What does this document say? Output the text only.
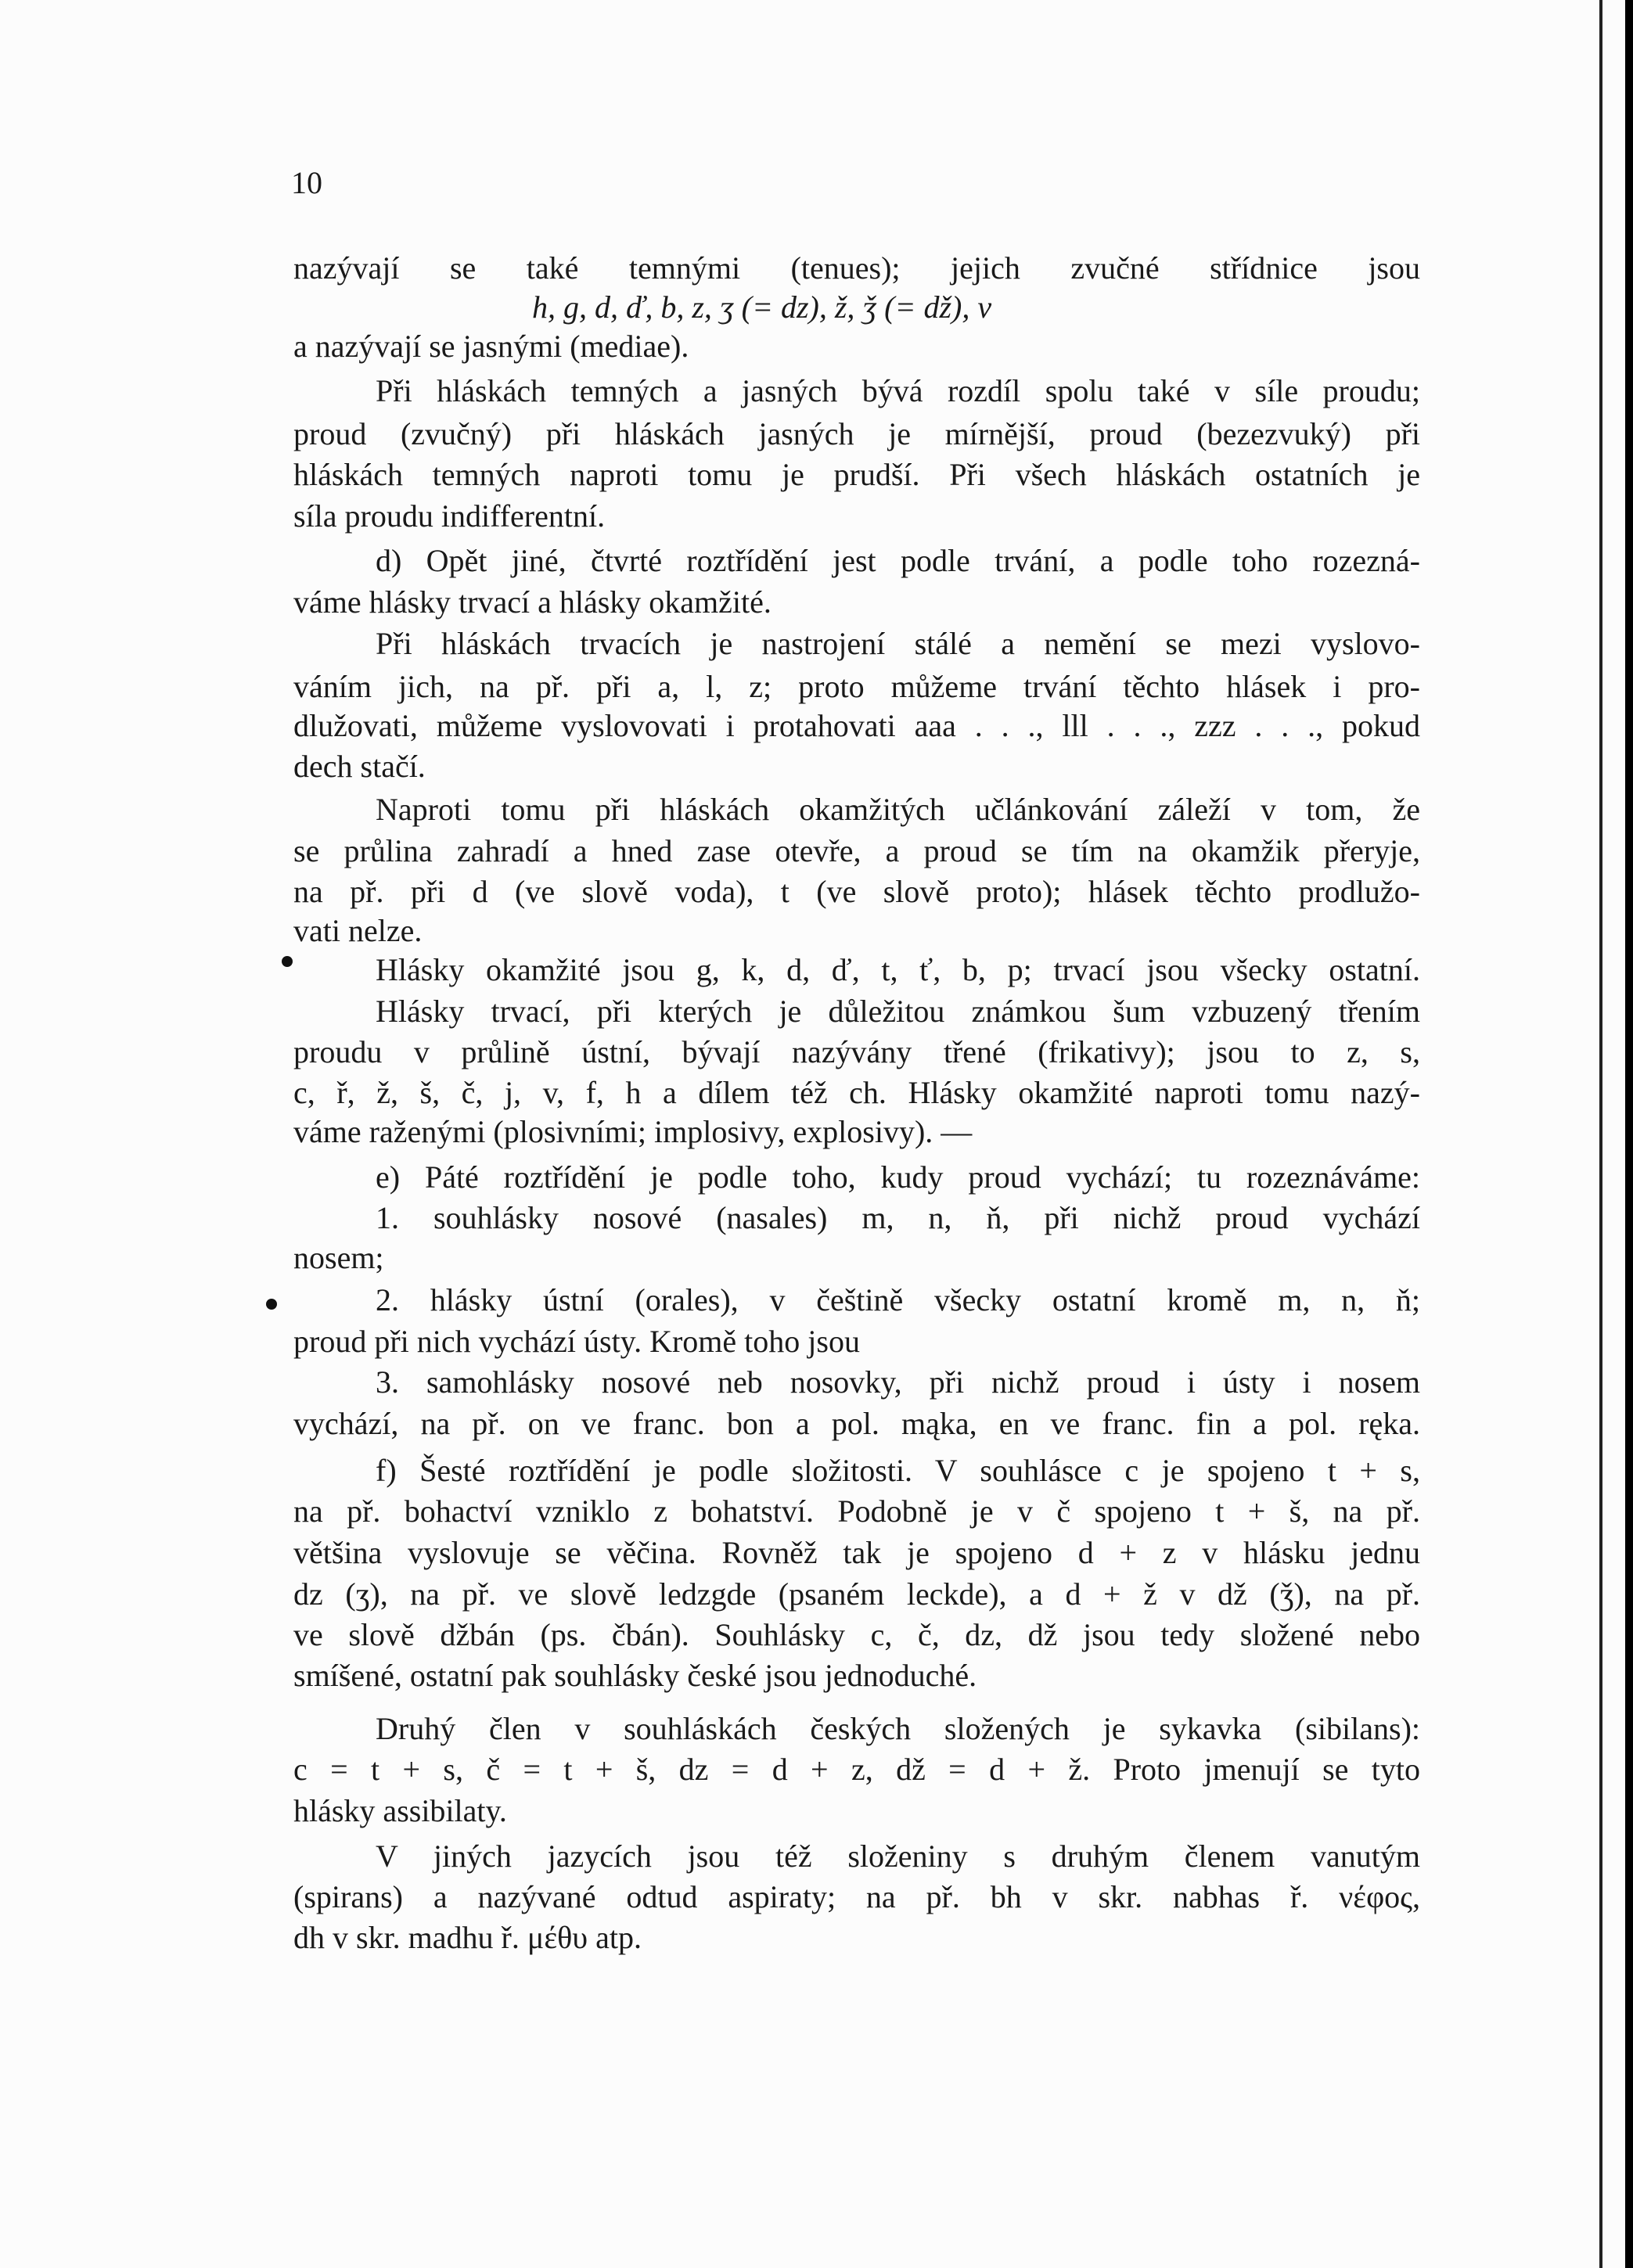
10
nazývají se také temnými (tenues); jejich zvučné střídnice jsou
h, g, d, ď, b, z, ʒ (= dz), ž, ǯ (= dž), v
a nazývají se jasnými (mediae).
Při hláskách temných a jasných bývá rozdíl spolu také v síle proudu;
proud (zvučný) při hláskách jasných je mírnější, proud (bezezvuký) při
hláskách temných naproti tomu je prudší. Při všech hláskách ostatních je
síla proudu indifferentní.
d) Opět jiné, čtvrté roztřídění jest podle trvání, a podle toho rozezná-
váme hlásky trvací a hlásky okamžité.
Při hláskách trvacích je nastrojení stálé a nemění se mezi vyslovo-
váním jich, na př. při a, l, z; proto můžeme trvání těchto hlásek i pro-
dlužovati, můžeme vyslovovati i protahovati aaa . . ., lll . . ., zzz . . ., pokud
dech stačí.
Naproti tomu při hláskách okamžitých učlánkování záleží v tom, že
se průlina zahradí a hned zase otevře, a proud se tím na okamžik přeryje,
na př. při d (ve slově voda), t (ve slově proto); hlásek těchto prodlužo-
vati nelze.
Hlásky okamžité jsou g, k, d, ď, t, ť, b, p; trvací jsou všecky ostatní.
Hlásky trvací, při kterých je důležitou známkou šum vzbuzený třením
proudu v průlině ústní, bývají nazývány třené (frikativy); jsou to z, s,
c, ř, ž, š, č, j, v, f, h a dílem též ch. Hlásky okamžité naproti tomu nazý-
váme raženými (plosivními; implosivy, explosivy). —
e) Páté roztřídění je podle toho, kudy proud vychází; tu rozeznáváme:
1. souhlásky nosové (nasales) m, n, ň, při nichž proud vychází
nosem;
2. hlásky ústní (orales), v češtině všecky ostatní kromě m, n, ň;
proud při nich vychází ústy. Kromě toho jsou
3. samohlásky nosové neb nosovky, při nichž proud i ústy i nosem
vychází, na př. on ve franc. bon a pol. mąka, en ve franc. fin a pol. ręka.
f) Šesté roztřídění je podle složitosti. V souhlásce c je spojeno t + s,
na př. bohactví vzniklo z bohatství. Podobně je v č spojeno t + š, na př.
většina vyslovuje se věčina. Rovněž tak je spojeno d + z v hlásku jednu
dz (ʒ), na př. ve slově ledzgde (psaném leckde), a d + ž v dž (ǯ), na př.
ve slově džbán (ps. čbán). Souhlásky c, č, dz, dž jsou tedy složené nebo
smíšené, ostatní pak souhlásky české jsou jednoduché.
Druhý člen v souhláskách českých složených je sykavka (sibilans):
c = t + s, č = t + š, dz = d + z, dž = d + ž. Proto jmenují se tyto
hlásky assibilaty.
V jiných jazycích jsou též složeniny s druhým členem vanutým
(spirans) a nazývané odtud aspiraty; na př. bh v skr. nabhas ř. νέφος,
dh v skr. madhu ř. μέθυ atp.
